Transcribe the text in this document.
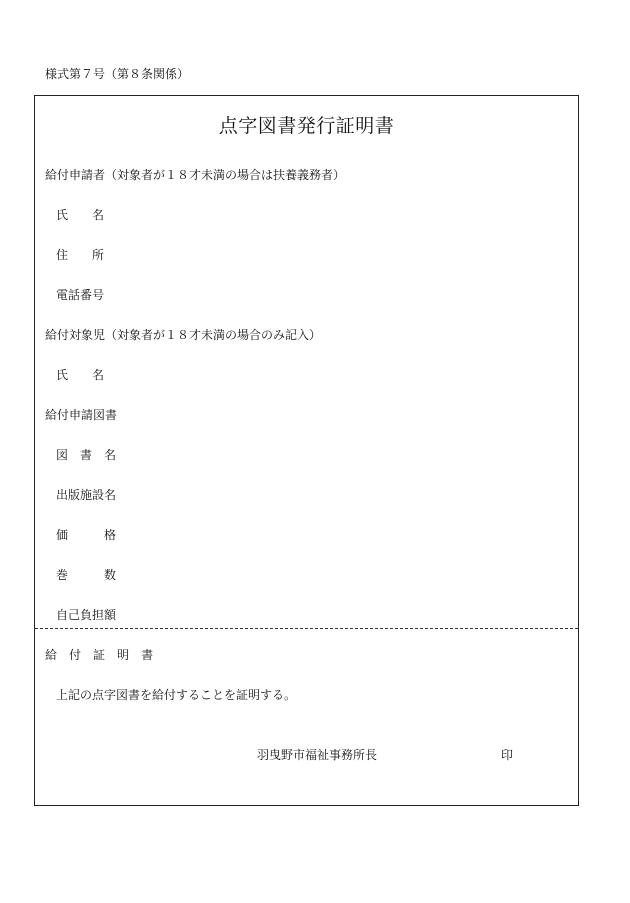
様式第７号（第８条関係）
点字図書発行証明書
給付申請者（対象者が１８才未満の場合は扶養義務者）
氏 名
住 所
電話番号
給付対象児（対象者が１８才未満の場合のみ記入）
氏 名
給付申請図書
図 書 名
出版施設名
価	格
巻	数
自己負担額
給 付 証 明 書
上記の点字図書を給付することを証明する。
羽曳野市福祉事務所長	印
